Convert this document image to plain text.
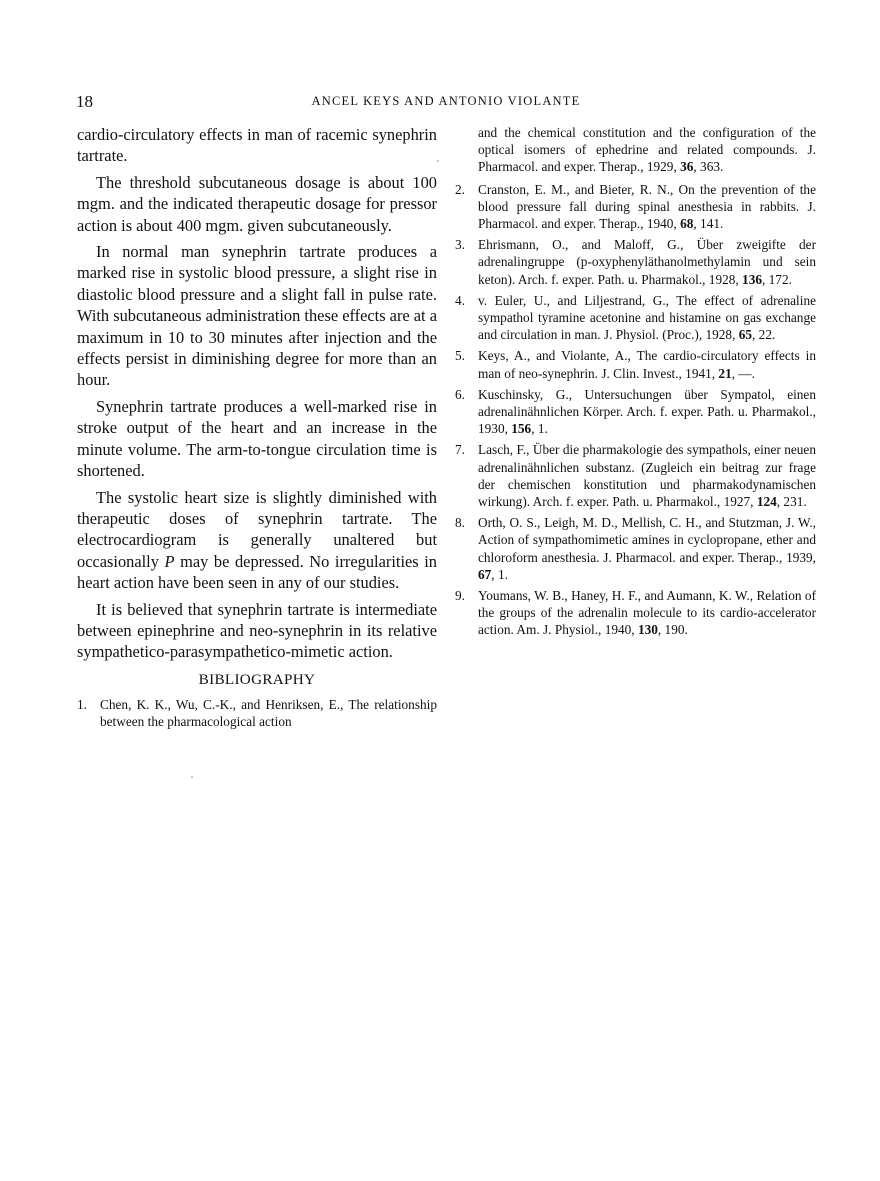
18	ANCEL KEYS AND ANTONIO VIOLANTE

cardio-circulatory effects in man of racemic synephrin tartrate.

The threshold subcutaneous dosage is about 100 mgm. and the indicated therapeutic dosage for pressor action is about 400 mgm. given subcutaneously.

In normal man synephrin tartrate produces a marked rise in systolic blood pressure, a slight rise in diastolic blood pressure and a slight fall in pulse rate. With subcutaneous administration these effects are at a maximum in 10 to 30 minutes after injection and the effects persist in diminishing degree for more than an hour.

Synephrin tartrate produces a well-marked rise in stroke output of the heart and an increase in the minute volume. The arm-to-tongue circulation time is shortened.

The systolic heart size is slightly diminished with therapeutic doses of synephrin tartrate. The electrocardiogram is generally unaltered but occasionally P may be depressed. No irregularities in heart action have been seen in any of our studies.

It is believed that synephrin tartrate is intermediate between epinephrine and neo-synephrin in its relative sympathetico-parasympathetico-mimetic action.

BIBLIOGRAPHY
1. Chen, K. K., Wu, C.-K., and Henriksen, E., The relationship between the pharmacological action
and the chemical constitution and the configuration of the optical isomers of ephedrine and related compounds. J. Pharmacol. and exper. Therap., 1929, 36, 363.
2. Cranston, E. M., and Bieter, R. N., On the prevention of the blood pressure fall during spinal anesthesia in rabbits. J. Pharmacol. and exper. Therap., 1940, 68, 141.
3. Ehrismann, O., and Maloff, G., Über zweigifte der adrenalingruppe (p-oxyphenyläthanolmethylamin und sein keton). Arch. f. exper. Path. u. Pharmakol., 1928, 136, 172.
4. v. Euler, U., and Liljestrand, G., The effect of adrenaline sympathol tyramine acetonine and histamine on gas exchange and circulation in man. J. Physiol. (Proc.), 1928, 65, 22.
5. Keys, A., and Violante, A., The cardio-circulatory effects in man of neo-synephrin. J. Clin. Invest., 1941, 21, —.
6. Kuschinsky, G., Untersuchungen über Sympatol, einen adrenalinähnlichen Körper. Arch. f. exper. Path. u. Pharmakol., 1930, 156, 1.
7. Lasch, F., Über die pharmakologie des sympathols, einer neuen adrenalinähnlichen substanz. (Zugleich ein beitrag zur frage der chemischen konstitution und pharmakodynamischen wirkung). Arch. f. exper. Path. u. Pharmakol., 1927, 124, 231.
8. Orth, O. S., Leigh, M. D., Mellish, C. H., and Stutzman, J. W., Action of sympathomimetic amines in cyclopropane, ether and chloroform anesthesia. J. Pharmacol. and exper. Therap., 1939, 67, 1.
9. Youmans, W. B., Haney, H. F., and Aumann, K. W., Relation of the groups of the adrenalin molecule to its cardio-accelerator action. Am. J. Physiol., 1940, 130, 190.
